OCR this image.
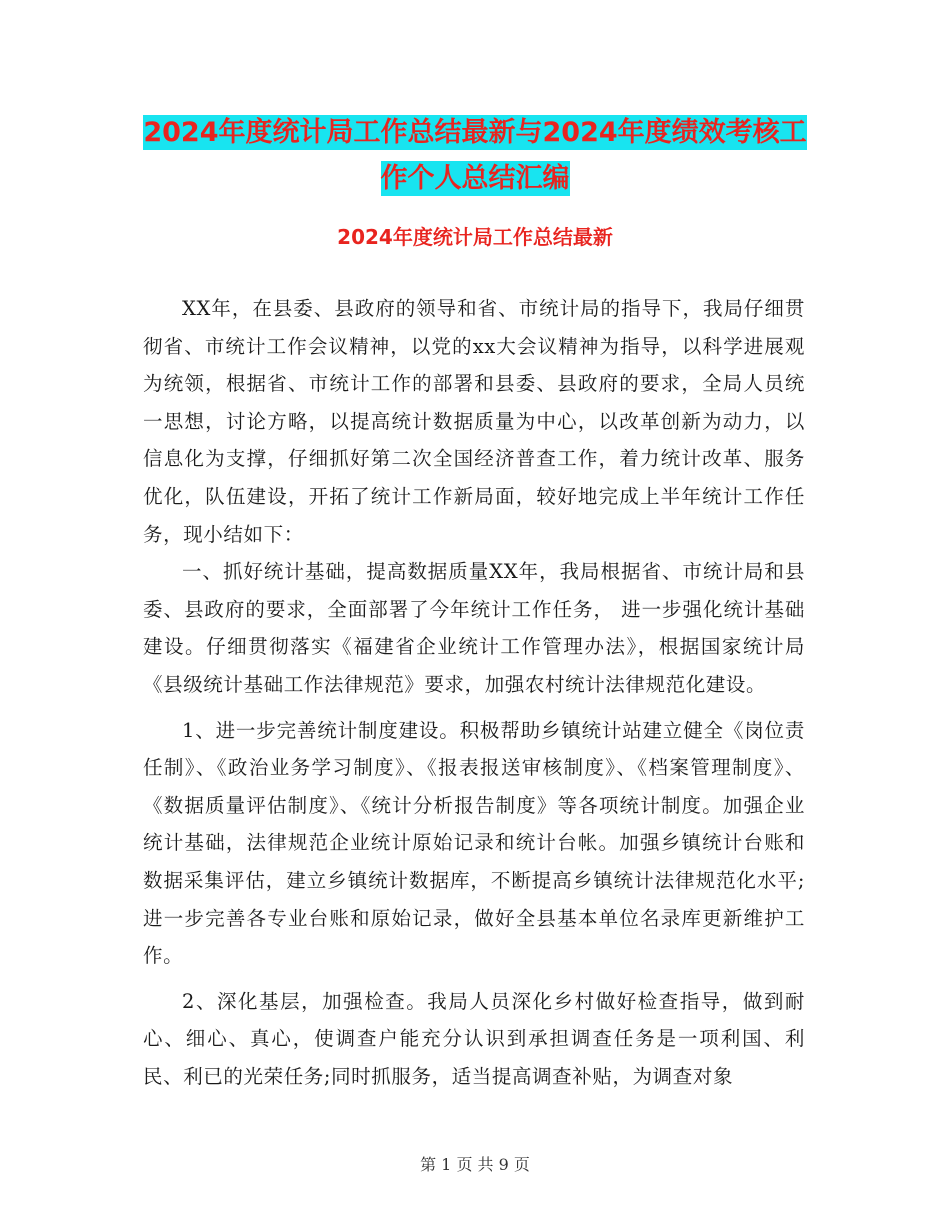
2024年度统计局工作总结最新与2024年度绩效考核工
作个人总结汇编
2024年度统计局工作总结最新

XX年，在县委、县政府的领导和省、市统计局的指导下，我局仔细贯彻省、市统计工作会议精神，以党的xx大会议精神为指导，以科学进展观为统领，根据省、市统计工作的部署和县委、县政府的要求，全局人员统一思想，讨论方略，以提高统计数据质量为中心，以改革创新为动力，以信息化为支撑，仔细抓好第二次全国经济普查工作，着力统计改革、服务优化，队伍建设，开拓了统计工作新局面，较好地完成上半年统计工作任务，现小结如下：

一、抓好统计基础，提高数据质量XX年，我局根据省、市统计局和县委、县政府的要求，全面部署了今年统计工作任务， 进一步强化统计基础建设。仔细贯彻落实《福建省企业统计工作管理办法》，根据国家统计局《县级统计基础工作法律规范》要求，加强农村统计法律规范化建设。

1、进一步完善统计制度建设。积极帮助乡镇统计站建立健全《岗位责任制》、《政治业务学习制度》、《报表报送审核制度》、《档案管理制度》、《数据质量评估制度》、《统计分析报告制度》等各项统计制度。加强企业统计基础，法律规范企业统计原始记录和统计台帐。加强乡镇统计台账和数据采集评估，建立乡镇统计数据库，不断提高乡镇统计法律规范化水平;进一步完善各专业台账和原始记录，做好全县基本单位名录库更新维护工作。

2、深化基层，加强检查。我局人员深化乡村做好检查指导，做到耐心、细心、真心，使调查户能充分认识到承担调查任务是一项利国、利民、利已的光荣任务;同时抓服务，适当提高调查补贴，为调查对象

第 1 页 共 9 页
